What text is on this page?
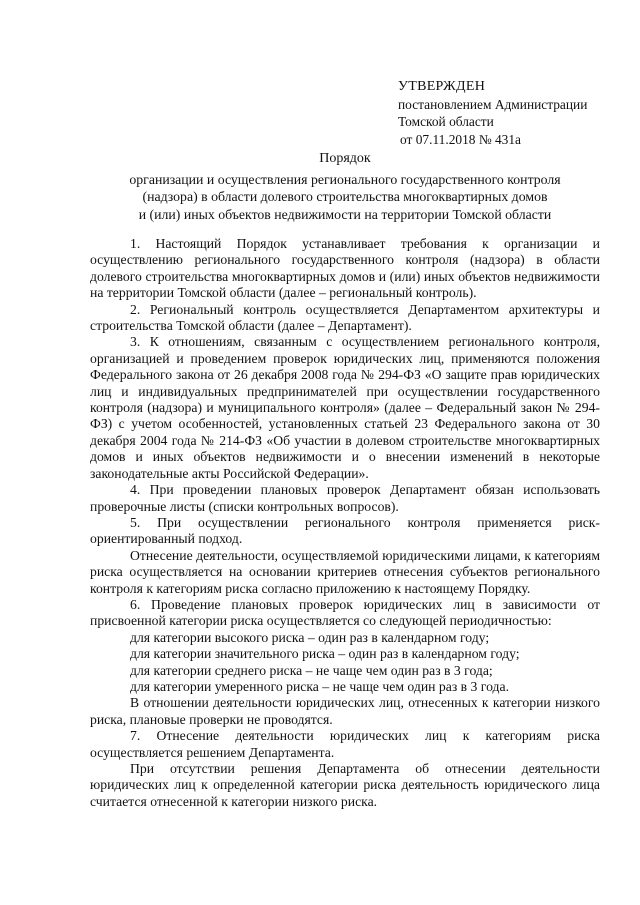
УТВЕРЖДЕН
постановлением Администрации
Томской области
от 07.11.2018 № 431а
Порядок
организации и осуществления регионального государственного контроля
(надзора) в области долевого строительства многоквартирных домов
и (или) иных объектов недвижимости на территории Томской области

1. Настоящий Порядок устанавливает требования к организации и осуществлению регионального государственного контроля (надзора) в области долевого строительства многоквартирных домов и (или) иных объектов недвижимости на территории Томской области (далее – региональный контроль).

2. Региональный контроль осуществляется Департаментом архитектуры и строительства Томской области (далее – Департамент).

3. К отношениям, связанным с осуществлением регионального контроля, организацией и проведением проверок юридических лиц, применяются положения Федерального закона от 26 декабря 2008 года № 294-ФЗ «О защите прав юридических лиц и индивидуальных предпринимателей при осуществлении государственного контроля (надзора) и муниципального контроля» (далее – Федеральный закон № 294-ФЗ) с учетом особенностей, установленных статьей 23 Федерального закона от 30 декабря 2004 года № 214-ФЗ «Об участии в долевом строительстве многоквартирных домов и иных объектов недвижимости и о внесении изменений в некоторые законодательные акты Российской Федерации».

4. При проведении плановых проверок Департамент обязан использовать проверочные листы (списки контрольных вопросов).

5. При осуществлении регионального контроля применяется риск-ориентированный подход.

Отнесение деятельности, осуществляемой юридическими лицами, к категориям риска осуществляется на основании критериев отнесения субъектов регионального контроля к категориям риска согласно приложению к настоящему Порядку.

6. Проведение плановых проверок юридических лиц в зависимости от присвоенной категории риска осуществляется со следующей периодичностью:

для категории высокого риска – один раз в календарном году;

для категории значительного риска – один раз в календарном году;

для категории среднего риска – не чаще чем один раз в 3 года;

для категории умеренного риска – не чаще чем один раз в 3 года.

В отношении деятельности юридических лиц, отнесенных к категории низкого риска, плановые проверки не проводятся.

7. Отнесение деятельности юридических лиц к категориям риска осуществляется решением Департамента.

При отсутствии решения Департамента об отнесении деятельности юридических лиц к определенной категории риска деятельность юридического лица считается отнесенной к категории низкого риска.
